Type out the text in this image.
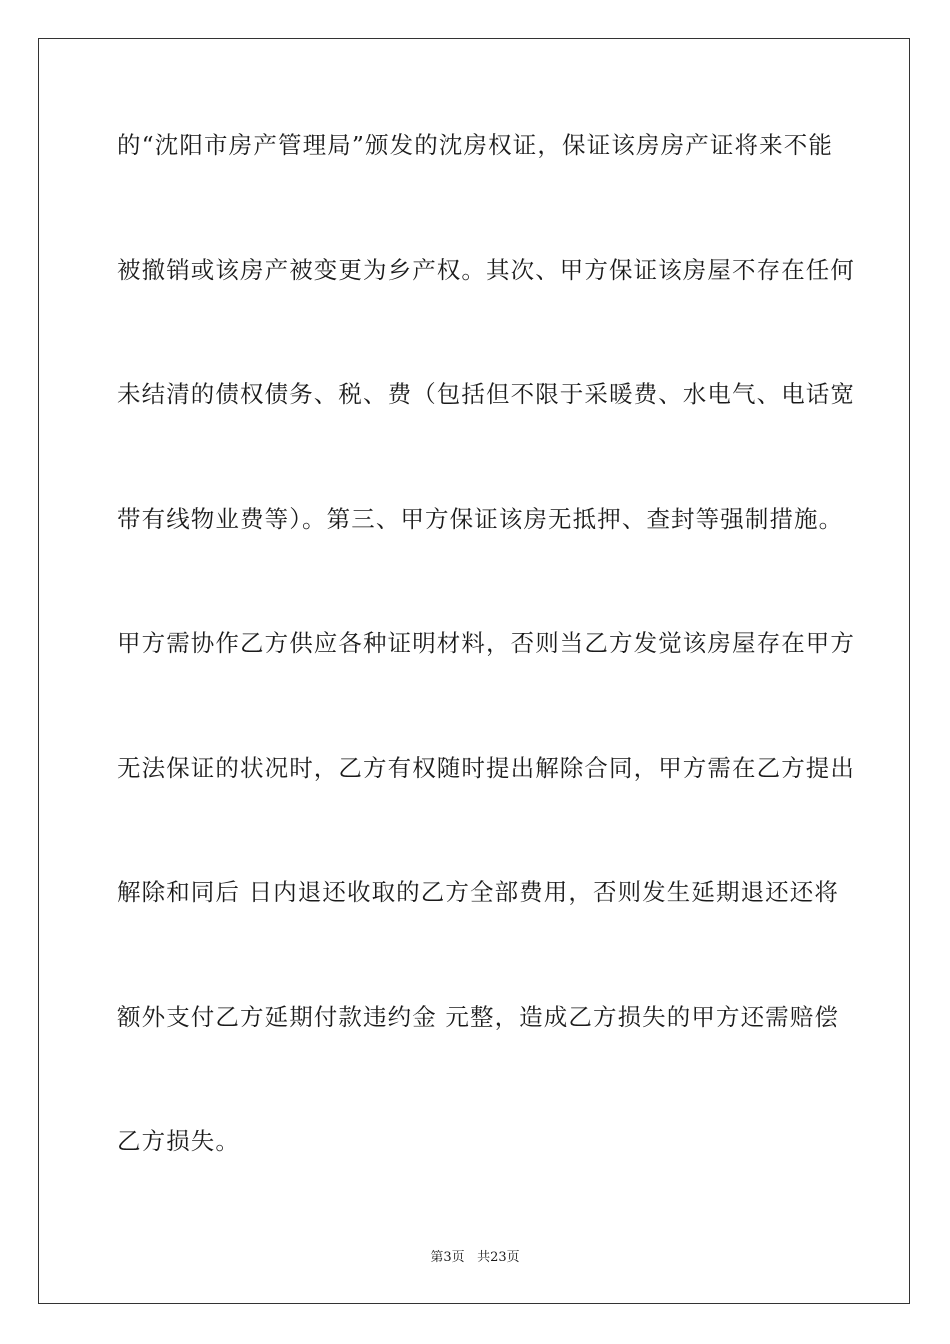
的“沈阳市房产管理局”颁发的沈房权证，保证该房房产证将来不能
被撤销或该房产被变更为乡产权。其次、甲方保证该房屋不存在任何
未结清的债权债务、税、费（包括但不限于采暖费、水电气、电话宽
带有线物业费等）。第三、甲方保证该房无抵押、查封等强制措施。
甲方需协作乙方供应各种证明材料，否则当乙方发觉该房屋存在甲方
无法保证的状况时，乙方有权随时提出解除合同，甲方需在乙方提出
解除和同后 日内退还收取的乙方全部费用，否则发生延期退还还将
额外支付乙方延期付款违约金 元整，造成乙方损失的甲方还需赔偿
乙方损失。
第3页 共23页
